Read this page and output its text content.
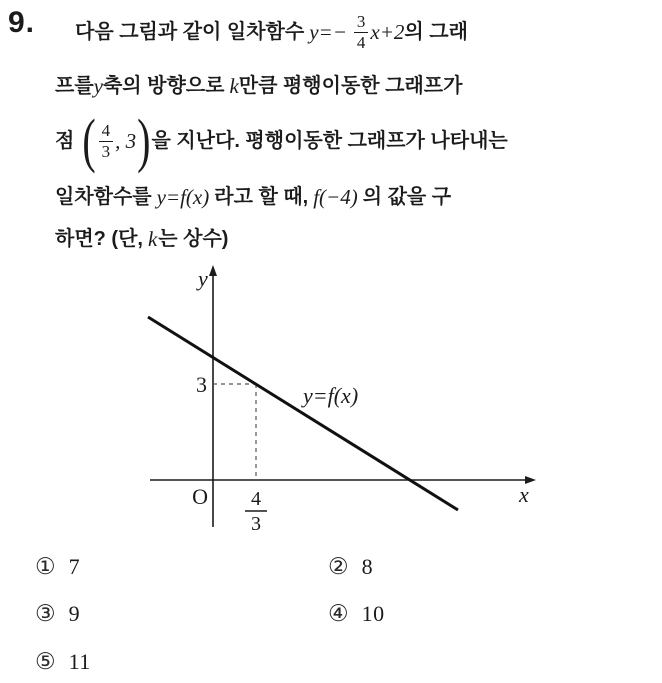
9. 다음 그림과 같이 일차함수 $y=- \frac{3}{4} x+2$ 의 그래
프를 y 축의 방향으로 k 만큼 평행이동한 그래프가
점 ( $\frac{4}{3}$ , 3 ) 을 지난다. 평행이동한 그래프가 나타내는
일차함수를 y=f(x) 라고 할 때, f(−4) 의 값을 구
하면? (단, k 는 상수)
y
x
O
3	y=f(x)
4
3
① 7	② 8
③ 9	④ 10
⑤ 11
